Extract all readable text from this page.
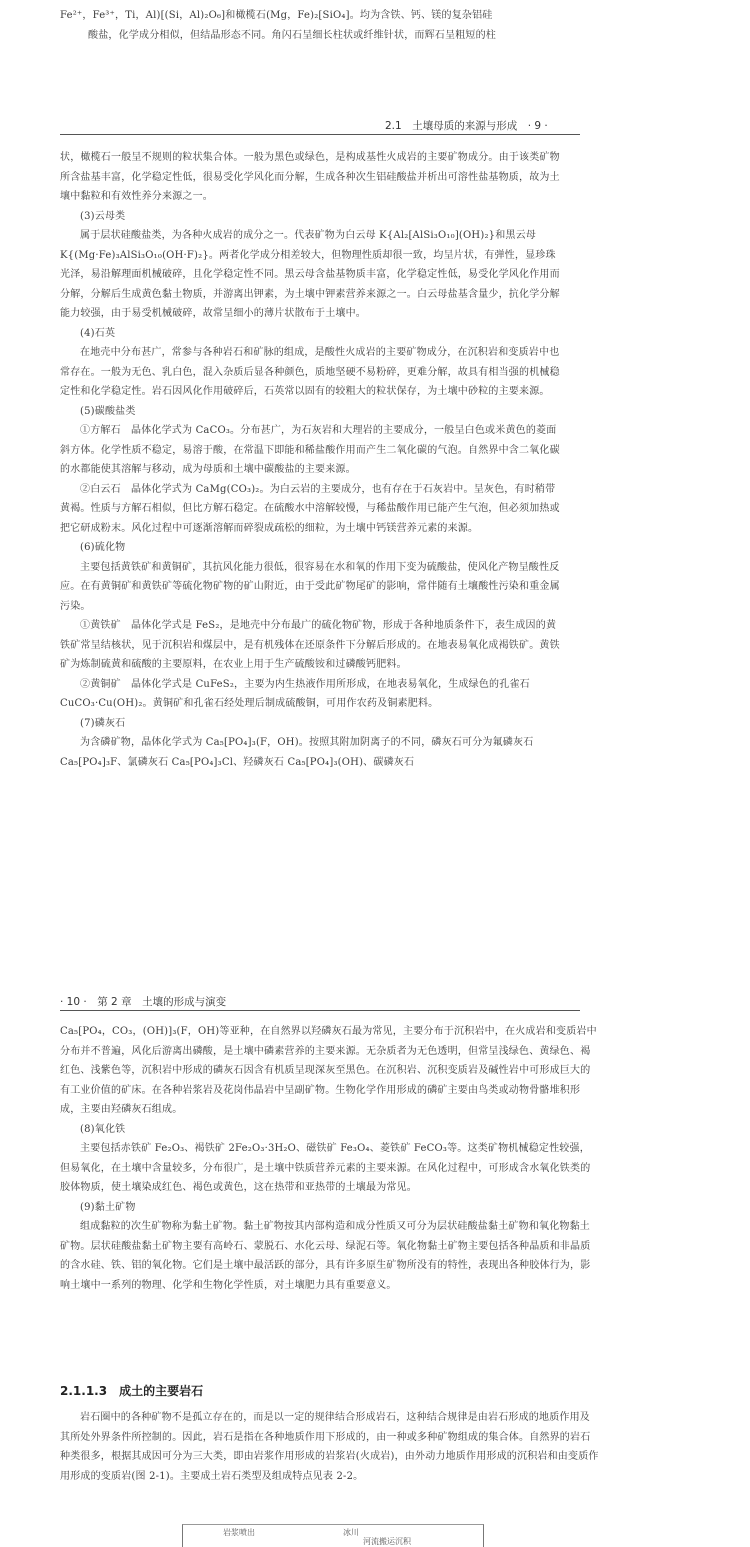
Fe²⁺，Fe³⁺，Ti，Al)[(Si，Al)₂O₆]和橄榄石(Mg，Fe)₂[SiO₄]。均为含铁、钙、镁的复杂铝硅
酸盐，化学成分相似，但结晶形态不同。角闪石呈细长柱状或纤维针状，而辉石呈粗短的柱
2.1　土壤母质的来源与形成　· 9 ·

状，橄榄石一般呈不规则的粒状集合体。一般为黑色或绿色，是构成基性火成岩的主要矿物成分。由于该类矿物所含盐基丰富，化学稳定性低，很易受化学风化而分解，生成各种次生铝硅酸盐并析出可溶性盐基物质，故为土壤中黏粒和有效性养分来源之一。

(3)云母类

属于层状硅酸盐类，为各种火成岩的成分之一。代表矿物为白云母 K{Al₂[AlSi₃O₁₀](OH)₂}和黑云母 K{(Mg·Fe)₃AlSi₃O₁₀(OH·F)₂}。两者化学成分相差较大，但物理性质却很一致，均呈片状，有弹性，显珍珠光泽，易沿解理面机械破碎，且化学稳定性不同。黑云母含盐基物质丰富，化学稳定性低，易受化学风化作用而分解，分解后生成黄色黏土物质，并游离出钾素，为土壤中钾素营养来源之一。白云母盐基含量少，抗化学分解能力较强，由于易受机械破碎，故常呈细小的薄片状散布于土壤中。

(4)石英

在地壳中分布甚广，常参与各种岩石和矿脉的组成，是酸性火成岩的主要矿物成分，在沉积岩和变质岩中也常存在。一般为无色、乳白色，混入杂质后显各种颜色，质地坚硬不易粉碎，更难分解，故具有相当强的机械稳定性和化学稳定性。岩石因风化作用破碎后，石英常以固有的较粗大的粒状保存，为土壤中砂粒的主要来源。

(5)碳酸盐类

①方解石　晶体化学式为 CaCO₃。分布甚广，为石灰岩和大理岩的主要成分，一般呈白色或米黄色的菱面斜方体。化学性质不稳定，易溶于酸，在常温下即能和稀盐酸作用而产生二氧化碳的气泡。自然界中含二氧化碳的水都能使其溶解与移动，成为母质和土壤中碳酸盐的主要来源。

②白云石　晶体化学式为 CaMg(CO₃)₂。为白云岩的主要成分，也有存在于石灰岩中。呈灰色，有时稍带黄褐。性质与方解石相似，但比方解石稳定。在硫酸水中溶解较慢，与稀盐酸作用已能产生气泡，但必须加热或把它研成粉末。风化过程中可逐渐溶解而碎裂成疏松的细粒，为土壤中钙镁营养元素的来源。

(6)硫化物

主要包括黄铁矿和黄铜矿，其抗风化能力很低，很容易在水和氧的作用下变为硫酸盐，使风化产物呈酸性反应。在有黄铜矿和黄铁矿等硫化物矿物的矿山附近，由于受此矿物尾矿的影响，常伴随有土壤酸性污染和重金属污染。

①黄铁矿　晶体化学式是 FeS₂，是地壳中分布最广的硫化物矿物，形成于各种地质条件下，表生成因的黄铁矿常呈结核状，见于沉积岩和煤层中，是有机残体在还原条件下分解后形成的。在地表易氧化成褐铁矿。黄铁矿为炼制硫黄和硫酸的主要原料，在农业上用于生产硫酸铵和过磷酸钙肥料。

②黄铜矿　晶体化学式是 CuFeS₂，主要为内生热液作用所形成，在地表易氧化，生成绿色的孔雀石 CuCO₃·Cu(OH)₂。黄铜矿和孔雀石经处理后制成硫酸铜，可用作农药及铜素肥料。

(7)磷灰石

为含磷矿物，晶体化学式为 Ca₅[PO₄]₃(F，OH)。按照其附加阴离子的不同，磷灰石可分为氟磷灰石 Ca₅[PO₄]₃F、氯磷灰石 Ca₅[PO₄]₃Cl、羟磷灰石 Ca₅[PO₄]₃(OH)、碳磷灰石

· 10 ·　第 2 章　土壤的形成与演变

Ca₅[PO₄，CO₃，(OH)]₃(F，OH)等亚种，在自然界以羟磷灰石最为常见，主要分布于沉积岩中，在火成岩和变质岩中分布并不普遍，风化后游离出磷酸，是土壤中磷素营养的主要来源。无杂质者为无色透明，但常呈浅绿色、黄绿色、褐红色、浅紫色等，沉积岩中形成的磷灰石因含有机质呈现深灰至黑色。在沉积岩、沉积变质岩及碱性岩中可形成巨大的有工业价值的矿床。在各种岩浆岩及花岗伟晶岩中呈副矿物。生物化学作用形成的磷矿主要由鸟类或动物骨骼堆积形成，主要由羟磷灰石组成。

(8)氧化铁

主要包括赤铁矿 Fe₂O₃、褐铁矿 2Fe₂O₃·3H₂O、磁铁矿 Fe₃O₄、菱铁矿 FeCO₃等。这类矿物机械稳定性较强，但易氧化，在土壤中含量较多，分布很广，是土壤中铁质营养元素的主要来源。在风化过程中，可形成含水氧化铁类的胶体物质，使土壤染成红色、褐色或黄色，这在热带和亚热带的土壤最为常见。

(9)黏土矿物

组成黏粒的次生矿物称为黏土矿物。黏土矿物按其内部构造和成分性质又可分为层状硅酸盐黏土矿物和氧化物黏土矿物。层状硅酸盐黏土矿物主要有高岭石、蒙脱石、水化云母、绿泥石等。氧化物黏土矿物主要包括各种晶质和非晶质的含水硅、铁、铝的氧化物。它们是土壤中最活跃的部分，具有许多原生矿物所没有的特性，表现出各种胶体行为，影响土壤中一系列的物理、化学和生物化学性质，对土壤肥力具有重要意义。

2.1.1.3　成土的主要岩石

岩石圈中的各种矿物不是孤立存在的，而是以一定的规律结合形成岩石，这种结合规律是由岩石形成的地质作用及其所处外界条件所控制的。因此，岩石是指在各种地质作用下形成的，由一种或多种矿物组成的集合体。自然界的岩石种类很多，根据其成因可分为三大类，即由岩浆作用形成的岩浆岩(火成岩)，由外动力地质作用形成的沉积岩和由变质作用形成的变质岩(图 2-1)。主要成土岩石类型及组成特点见表 2-2。

岩浆喷出	冰川
河流搬运沉积
